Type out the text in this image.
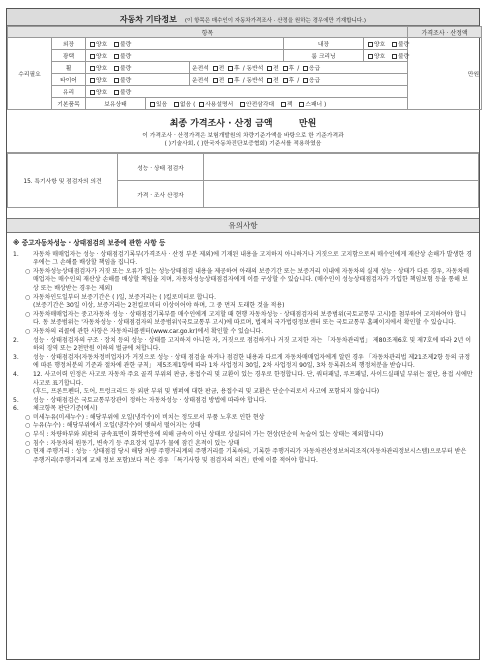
자동차 기타정보 (이 항목은 매수인이 자동차가격조사 · 산정을 원하는 경우에만 기재합니다.)
항목							가격조사 · 산정액
수리필요	외장	양호 불량			내장	양호 불량	만원

	광택	양호 불량			룸 크리닝	양호 불량	
	휠	양호 불량		운전석 전 후 / 동반석 전 후 / 응급			
	타이어	양호 불량		운전석 전 후 / 동반석 전 후 / 응급			
	유리	양호 불량					
	기본품목	보유상태	있음 없음 ( 사용설명서 안전삼각대 잭 스패너 )				
최종 가격조사 · 산정 금액	만원
이 가격조사 · 산정가격은 보험개발원의 차량기준가액을 바탕으로 한 기준가격과
( )기술사회, ( )한국자동차진단보증협회) 기준서를 적용하였음
15. 특기사항 및 점검자의 의견	성능 · 상태 점검자	
	가격 · 조사 산정자	
유의사항
※ 중고자동차성능 · 상태점검의 보증에 관한 사항 등
1.	자동차 매매업자는 성능 · 상태점검기록부(가격조사 · 산정 부분 제외)에 기재된 내용을 고지하지 아니하거나 거짓으로 고지함으로써 매수인에게 재산상 손해가 발생한 경우에는 그 손해를 배상할 책임을 집니다.
○ 자동차성능상태점검자가 거짓 또는 오류가 있는 성능상태점검 내용을 제공하여 아래의 보증기간 또는 보증거리 이내에 자동차의 실제 성능 · 상태가 다른 경우, 자동차매매업자는 매수인의 재산상 손해를 배상할 책임을 지며, 자동차성능상태점검자에게 이를 구상할 수 있습니다. (매수인이 성능상태점검자가 가입한 책임보험 등을 통해 보상 또는 배상받는 경우는 제외)
○ 자동차인도일부터 보증기간은 ( )일, 보증거리는 ( )킬로미터로 합니다.
(보증기간은 30일 이상, 보증거리는 2천킬로미터 이상이어야 하며, 그 중 먼저 도래한 것을 적용)
○ 자동차매매업자는 중고자동차 성능 · 상태점검기록부를 매수인에게 고지할 때 현행 자동차성능 · 상태점검자의 보증범위(국토교통부 고시)를 첨부하여 고지하여야 합니다. 동 보증범위는 '자동차성능 · 상태점검자의 보증범위'(국토교통부 고시)에 따르며, 법제처 국가법령정보센터 또는 국토교통부 홈페이지에서 확인할 수 있습니다.
○ 자동차의 리콜에 관한 사항은 자동차리콜센터(www.car.go.kr)에서 확인할 수 있습니다.
2.	성능 · 상태점검자의 구조 · 장치 등의 성능 · 상태를 고지하지 아니한 자, 거짓으로 점검하거나 거짓 고지한 자는 「자동차관리법」 제80조제6호 및 제7호에 따라 2년 이하의 징역 또는 2천만원 이하의 벌금에 처합니다.
3.	성능 · 상태점검자(자동차정비업자)가 거짓으로 성능 · 상태 점검을 하거나 점검한 내용과 다르게 자동차매매업자에게 알린 경우 「자동차관리법 제21조제2항 등의 규정에 따른 행정처분의 기준과 절차에 관한 규칙」 제5조제1항에 따라 1차 사업정지 30일, 2차 사업정지 90일, 3차 등록취소의 행정처분을 받습니다.
4.	12. 사고이력 인정은 사고로 자동차 주요 골격 부위의 판금, 용접수리 및 교환이 있는 경우로 한정합니다. 단, 쿼터패널, 루프패널, 사이드실패널 부위는 절단, 용접 시에만 사고로 표기합니다.
(후드, 프론트펜더, 도어, 트렁크리드 등 외판 부위 및 범퍼에 대한 판금, 용접수리 및 교환은 단순수리로서 사고에 포함되지 않습니다)
5.	성능 · 상태점검은 국토교통부장관이 정하는 자동차성능 · 상태점검 방법에 따라야 합니다.
6.	체크항목 판단기준(예시)
○ 미세누유(미세누수) : 해당부위에 오일(냉각수)이 비치는 정도로서 부품 노후로 인한 현상
○ 누유(누수) : 해당부위에서 오일(냉각수)이 맺혀서 떨어지는 상태
○ 부식 : 차량하부와 외판의 금속표면이 화학반응에 의해 금속이 아닌 상태로 상실되어 가는 현상(단순히 녹슬어 있는 상태는 제외합니다)
○ 침수 : 자동차의 원동기, 변속기 등 주요장치 일부가 물에 잠긴 흔적이 있는 상태
○ 현재 주행거리 : 성능 · 상태점검 당시 해당 차량 주행거리계의 주행거리를 기록하되, 기록한 주행거리가 자동차전산정보처리조직(자동차관리정보시스템)으로부터 받은 주행거리(주행거리계 교체 정보 포함)보다 적은 경우 「특기사항 및 점검자의 의견」란에 이를 적어야 합니다.
